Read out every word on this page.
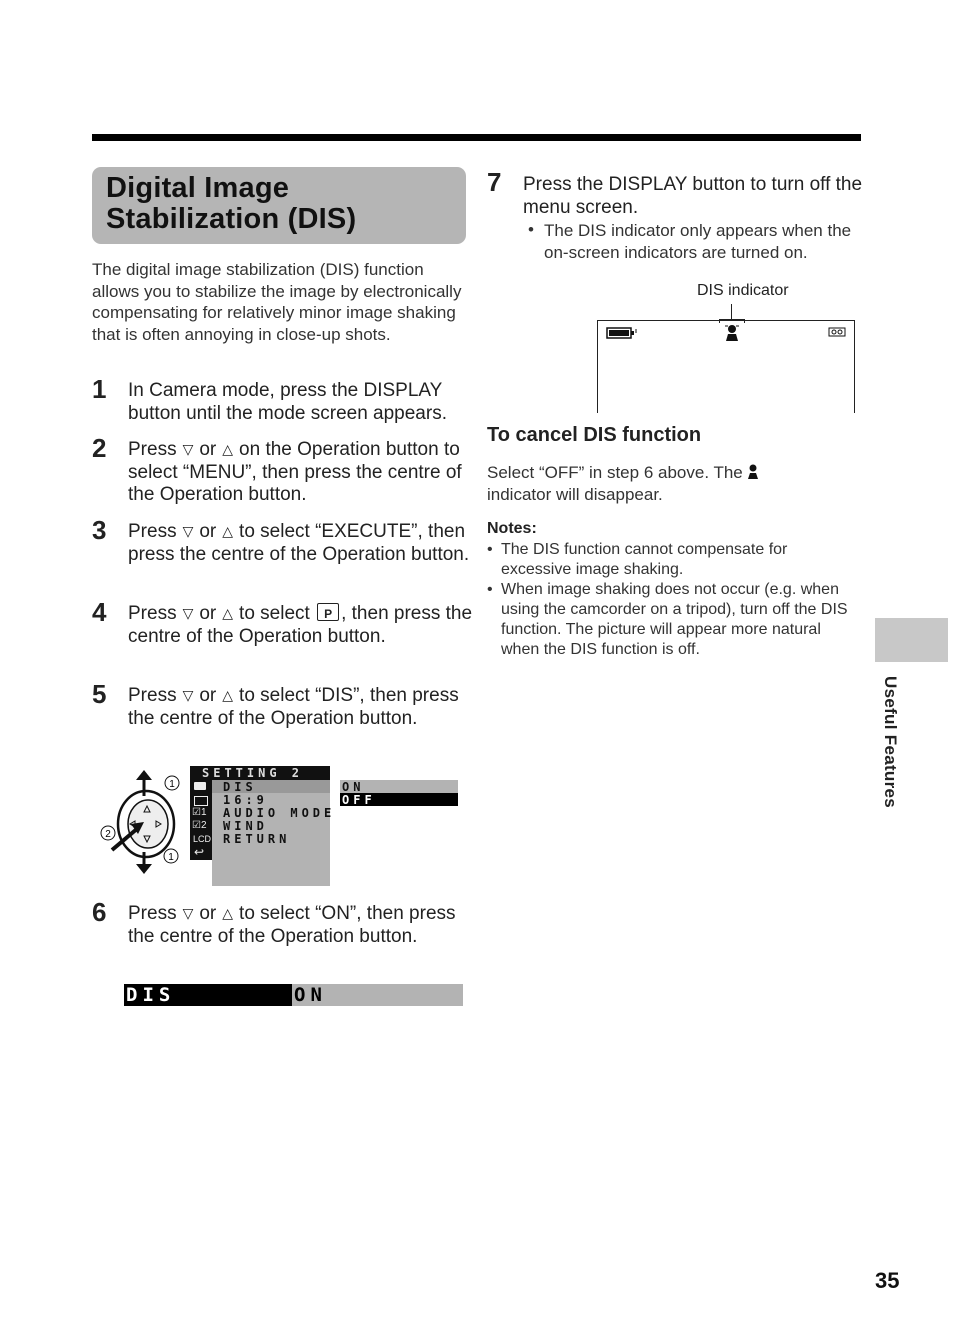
Digital Image
Stabilization (DIS)
The digital image stabilization (DIS) function allows you to stabilize the image by electronically compensating for relatively minor image shaking that is often annoying in close-up shots.
1 In Camera mode, press the DISPLAY button until the mode screen appears.
2 Press ▽ or △ on the Operation button to select “MENU”, then press the centre of the Operation button.
3 Press ▽ or △ to select “EXECUTE”, then press the centre of the Operation button.
4 Press ▽ or △ to select P , then press the centre of the Operation button.
5 Press ▽ or △ to select “DIS”, then press the centre of the Operation button.
1
2
1
SETTING 2
☑1
☑2
LCD
↩
DIS
16:9
AUDIO MODE
WIND
RETURN
ON
OFF
6 Press ▽ or △ to select “ON”, then press the centre of the Operation button.
DIS	ON
7 Press the DISPLAY button to turn off the menu screen.
• The DIS indicator only appears when the on-screen indicators are turned on.
DIS indicator
To cancel DIS function
Select “OFF” in step 6 above. The
indicator will disappear.
Notes:
• The DIS function cannot compensate for excessive image shaking.
• When image shaking does not occur (e.g. when using the camcorder on a tripod), turn off the DIS function. The picture will appear more natural when the DIS function is off.
Useful Features
35
